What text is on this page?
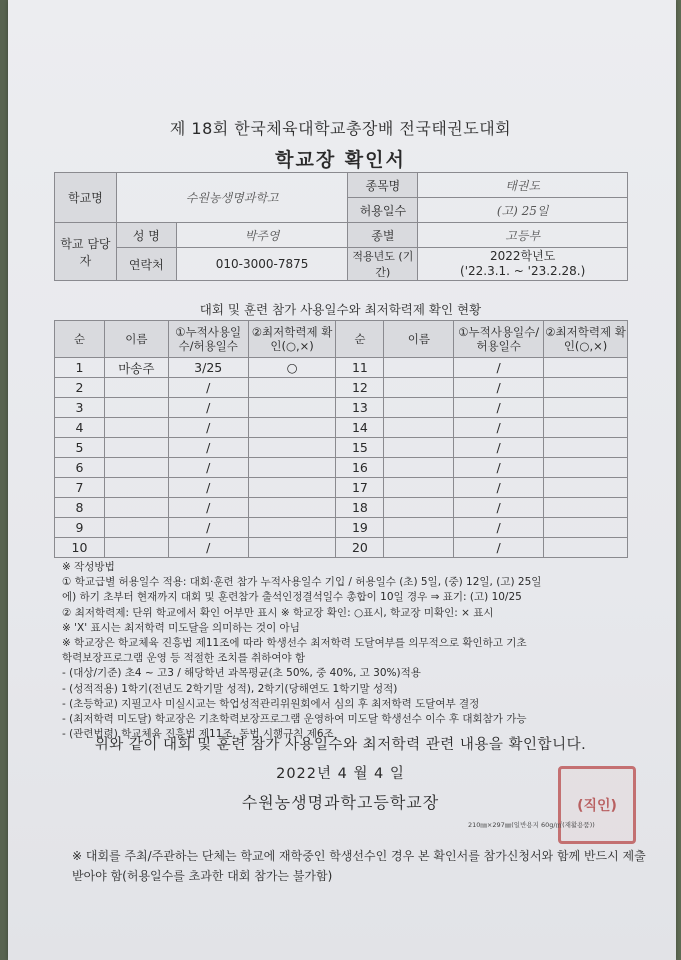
제 18회 한국체육대학교총장배 전국태권도대회
학교장 확인서
학교명	수원농생명과학고		종목명	태권도
			허용일수	(고) 25일
학교 담당자	성 명	박주영	종별	고등부
	연락처	010-3000-7875	적용년도 (기간)	2022학년도
('22.3.1. ~ '23.2.28.)
대회 및 훈련 참가 사용일수와 최저학력제 확인 현황
순	이름	①누적사용일수/허용일수	②최저학력제 확인(○,×)	순	이름	①누적사용일수/허용일수	②최저학력제 확인(○,×)
1	마송주	3/25	○	11		/	
2		/		12		/	
3		/		13		/	
4		/		14		/	
5		/		15		/	
6		/		16		/	
7		/		17		/	
8		/		18		/	
9		/		19		/	
10		/		20		/	
※ 작성방법
① 학교급별 허용일수 적용: 대회·훈련 참가 누적사용일수 기입 / 허용일수 (초) 5일, (중) 12일, (고) 25일
에) 하기 초부터 현재까지 대회 및 훈련참가 출석인정결석일수 총합이 10일 경우 ⇒ 표기: (고) 10/25
② 최저학력제: 단위 학교에서 확인 어부만 표시 ※ 학교장 확인: ○표시, 학교장 미확인: × 표시
※ 'X' 표시는 최저학력 미도달을 의미하는 것이 아님
※ 학교장은 학교체육 진흥법 제11조에 따라 학생선수 최저학력 도달여부를 의무적으로 확인하고 기초
학력보장프로그램 운영 등 적절한 조치를 취하여야 함
- (대상/기준) 초4 ~ 고3 / 해당학년 과목평균(초 50%, 중 40%, 고 30%)적용
- (성적적용) 1학기(전년도 2학기말 성적), 2학기(당해연도 1학기말 성적)
- (초등학교) 지필고사 미실시교는 학업성적관리위원회에서 심의 후 최저학력 도달여부 결정
- (최저학력 미도달) 학교장은 기초학력보장프로그램 운영하여 미도달 학생선수 이수 후 대회참가 가능
- (관련법령) 학교체육 진흥법 제11조, 동법 시행규칙 제6조
위와 같이 대회 및 훈련 참가 사용일수와 최저학력 관련 내용을 확인합니다.
2022년 4 월 4 일
수원농생명과학고등학교장	(직인)
210㎜×297㎜(일반용지 60g/㎡(재활용품))
※ 대회를 주최/주관하는 단체는 학교에 재학중인 학생선수인 경우 본 확인서를 참가신청서와 함께 반드시 제출받아야 함(허용일수를 초과한 대회 참가는 불가함)
